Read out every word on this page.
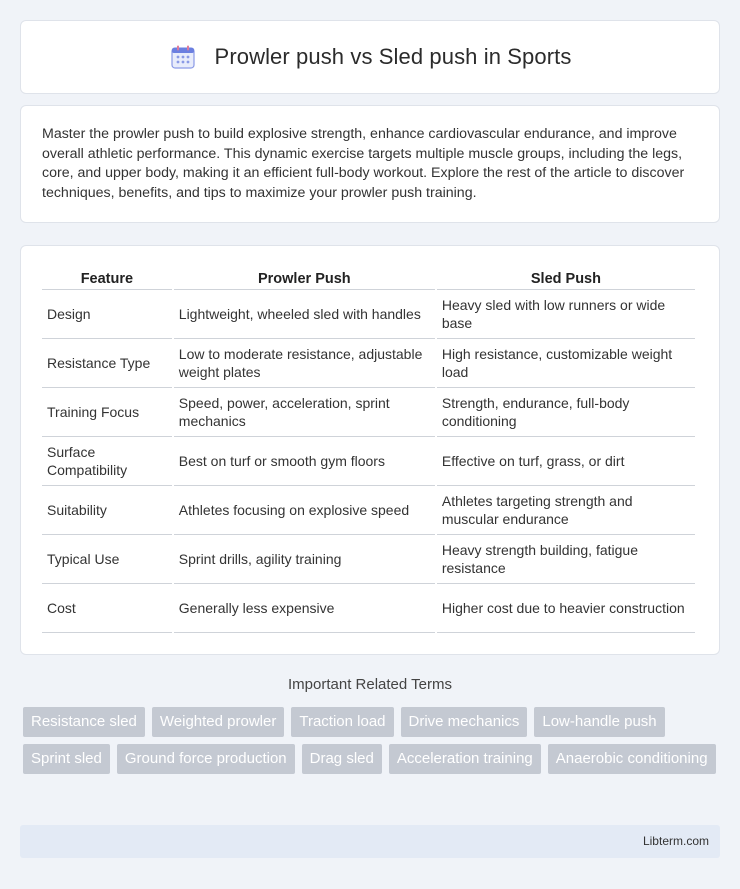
Prowler push vs Sled push in Sports

Master the prowler push to build explosive strength, enhance cardiovascular endurance, and improve overall athletic performance. This dynamic exercise targets multiple muscle groups, including the legs, core, and upper body, making it an efficient full-body workout. Explore the rest of the article to discover techniques, benefits, and tips to maximize your prowler push training.

Feature	Prowler Push	Sled Push
Design	Lightweight, wheeled sled with handles	Heavy sled with low runners or wide base
Resistance Type	Low to moderate resistance, adjustable weight plates	High resistance, customizable weight load
Training Focus	Speed, power, acceleration, sprint mechanics	Strength, endurance, full-body conditioning
Surface Compatibility	Best on turf or smooth gym floors	Effective on turf, grass, or dirt
Suitability	Athletes focusing on explosive speed	Athletes targeting strength and muscular endurance
Typical Use	Sprint drills, agility training	Heavy strength building, fatigue resistance
Cost	Generally less expensive	Higher cost due to heavier construction
Important Related Terms
Resistance sled	Weighted prowler	Traction load	Drive mechanics	Low-handle push
Sprint sled	Ground force production	Drag sled	Acceleration training	Anaerobic conditioning
Libterm.com
